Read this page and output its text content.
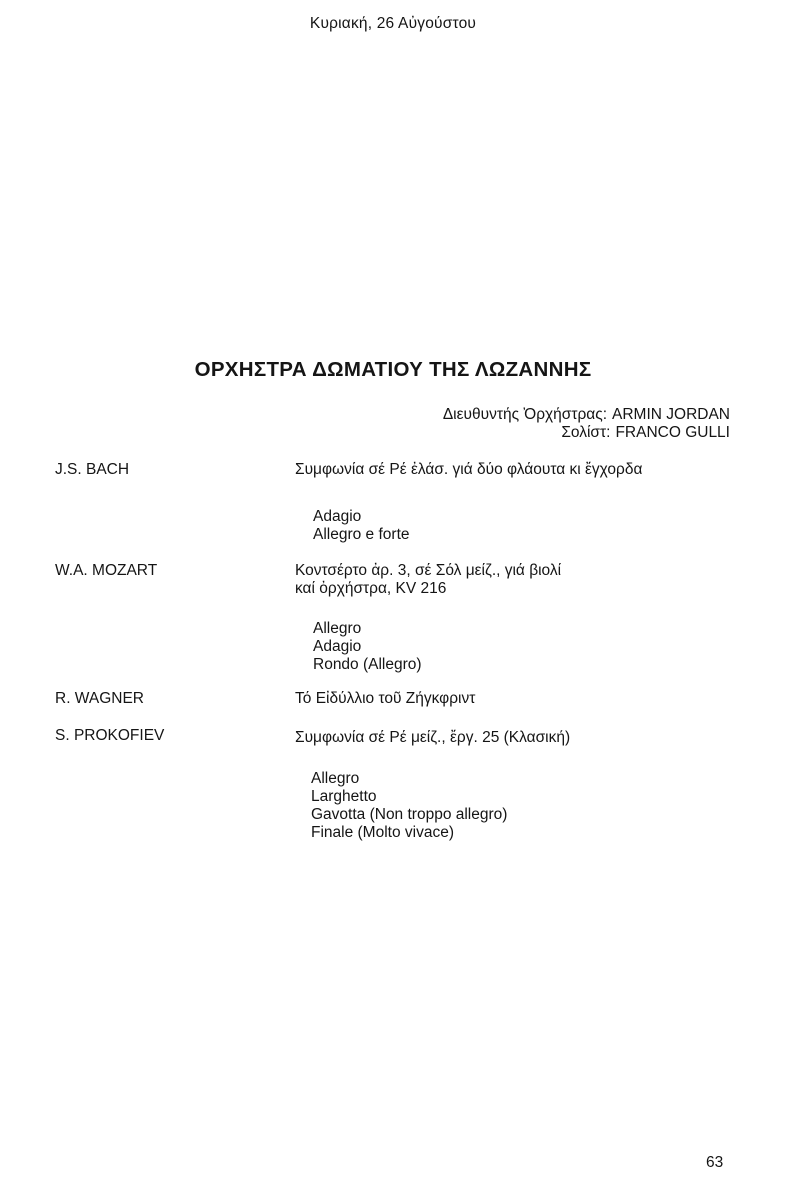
Κυριακή, 26 Αὐγούστου
ΟΡΧΗΣΤΡΑ ΔΩΜΑΤΙΟΥ ΤΗΣ ΛΩΖΑΝΝΗΣ
Διευθυντής Ὀρχήστρας: ARMIN JORDAN
Σολίστ: FRANCO GULLI
J.S. BACH	Συμφωνία σέ Ρέ ἐλάσ. γιά δύο φλάουτα κι ἔγχορδα
Adagio
Allegro e forte
W.A. MOZART	Κοντσέρτο ἀρ. 3, σέ Σόλ μείζ., γιά βιολί
καί ὀρχήστρα, KV 216
Allegro
Adagio
Rondo (Allegro)
R. WAGNER	Τό Εἰδύλλιο τοῦ Ζήγκφριντ
S. PROKOFIEV	Συμφωνία σέ Ρέ μείζ., ἔργ. 25 (Κλασική)
Allegro
Larghetto
Gavotta (Non troppo allegro)
Finale (Molto vivace)
63
